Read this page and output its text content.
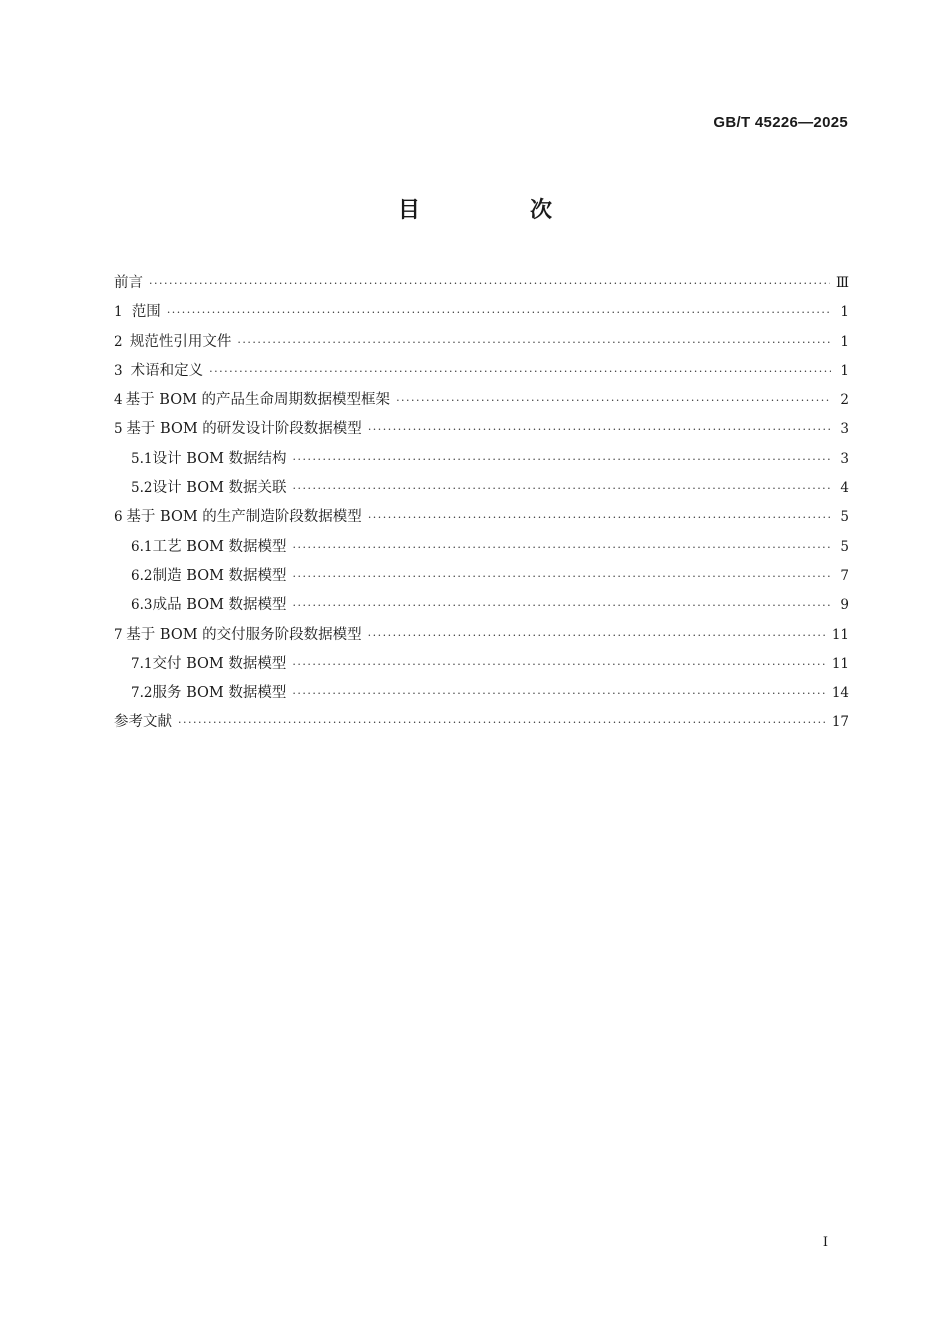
GB/T 45226—2025
目　次
前言 ·····	Ⅲ
1 范围 ·····	1
2 规范性引用文件 ·····	1
3 术语和定义 ·····	1
4 基于 BOM 的产品生命周期数据模型框架 ·····	2
5 基于 BOM 的研发设计阶段数据模型 ·····	3
5.1 设计 BOM 数据结构 ·····	3
5.2 设计 BOM 数据关联 ·····	4
6 基于 BOM 的生产制造阶段数据模型 ·····	5
6.1 工艺 BOM 数据模型 ·····	5
6.2 制造 BOM 数据模型 ·····	7
6.3 成品 BOM 数据模型 ·····	9
7 基于 BOM 的交付服务阶段数据模型 ·····	11
7.1 交付 BOM 数据模型 ·····	11
7.2 服务 BOM 数据模型 ·····	14
参考文献 ·····	17
I
